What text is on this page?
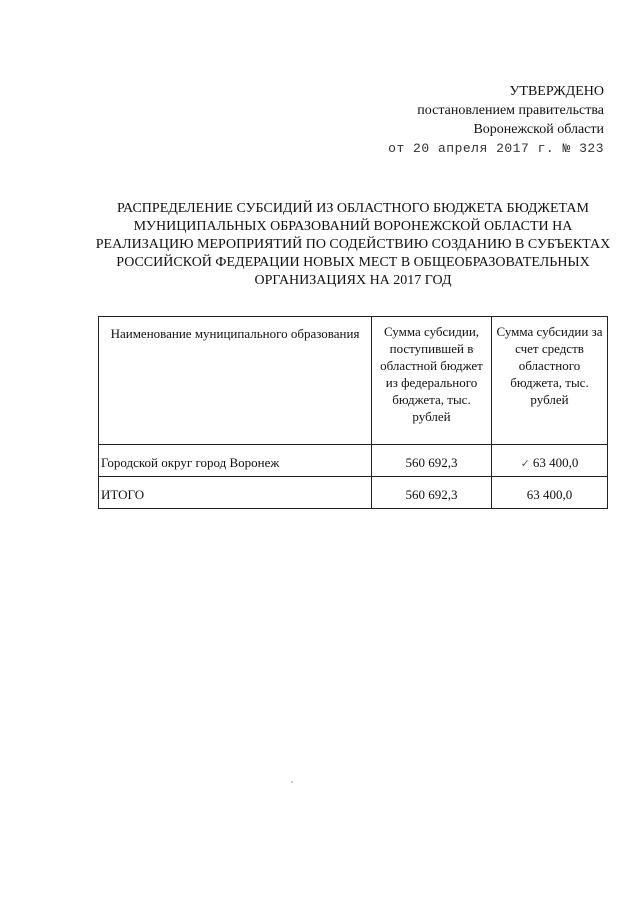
УТВЕРЖДЕНО
постановлением правительства
Воронежской области
от 20 апреля 2017 г. № 323
РАСПРЕДЕЛЕНИЕ СУБСИДИЙ ИЗ ОБЛАСТНОГО БЮДЖЕТА БЮДЖЕТАМ МУНИЦИПАЛЬНЫХ ОБРАЗОВАНИЙ ВОРОНЕЖСКОЙ ОБЛАСТИ НА РЕАЛИЗАЦИЮ МЕРОПРИЯТИЙ ПО СОДЕЙСТВИЮ СОЗДАНИЮ В СУБЪЕКТАХ РОССИЙСКОЙ ФЕДЕРАЦИИ НОВЫХ МЕСТ В ОБЩЕОБРАЗОВАТЕЛЬНЫХ ОРГАНИЗАЦИЯХ НА 2017 ГОД
Наименование муниципального образования	Сумма субсидии, поступившей в областной бюджет из федерального бюджета, тыс. рублей	Сумма субсидии за счет средств областного бюджета, тыс. рублей
Городской округ город Воронеж	560 692,3	✓ 63 400,0
ИТОГО	560 692,3	63 400,0
